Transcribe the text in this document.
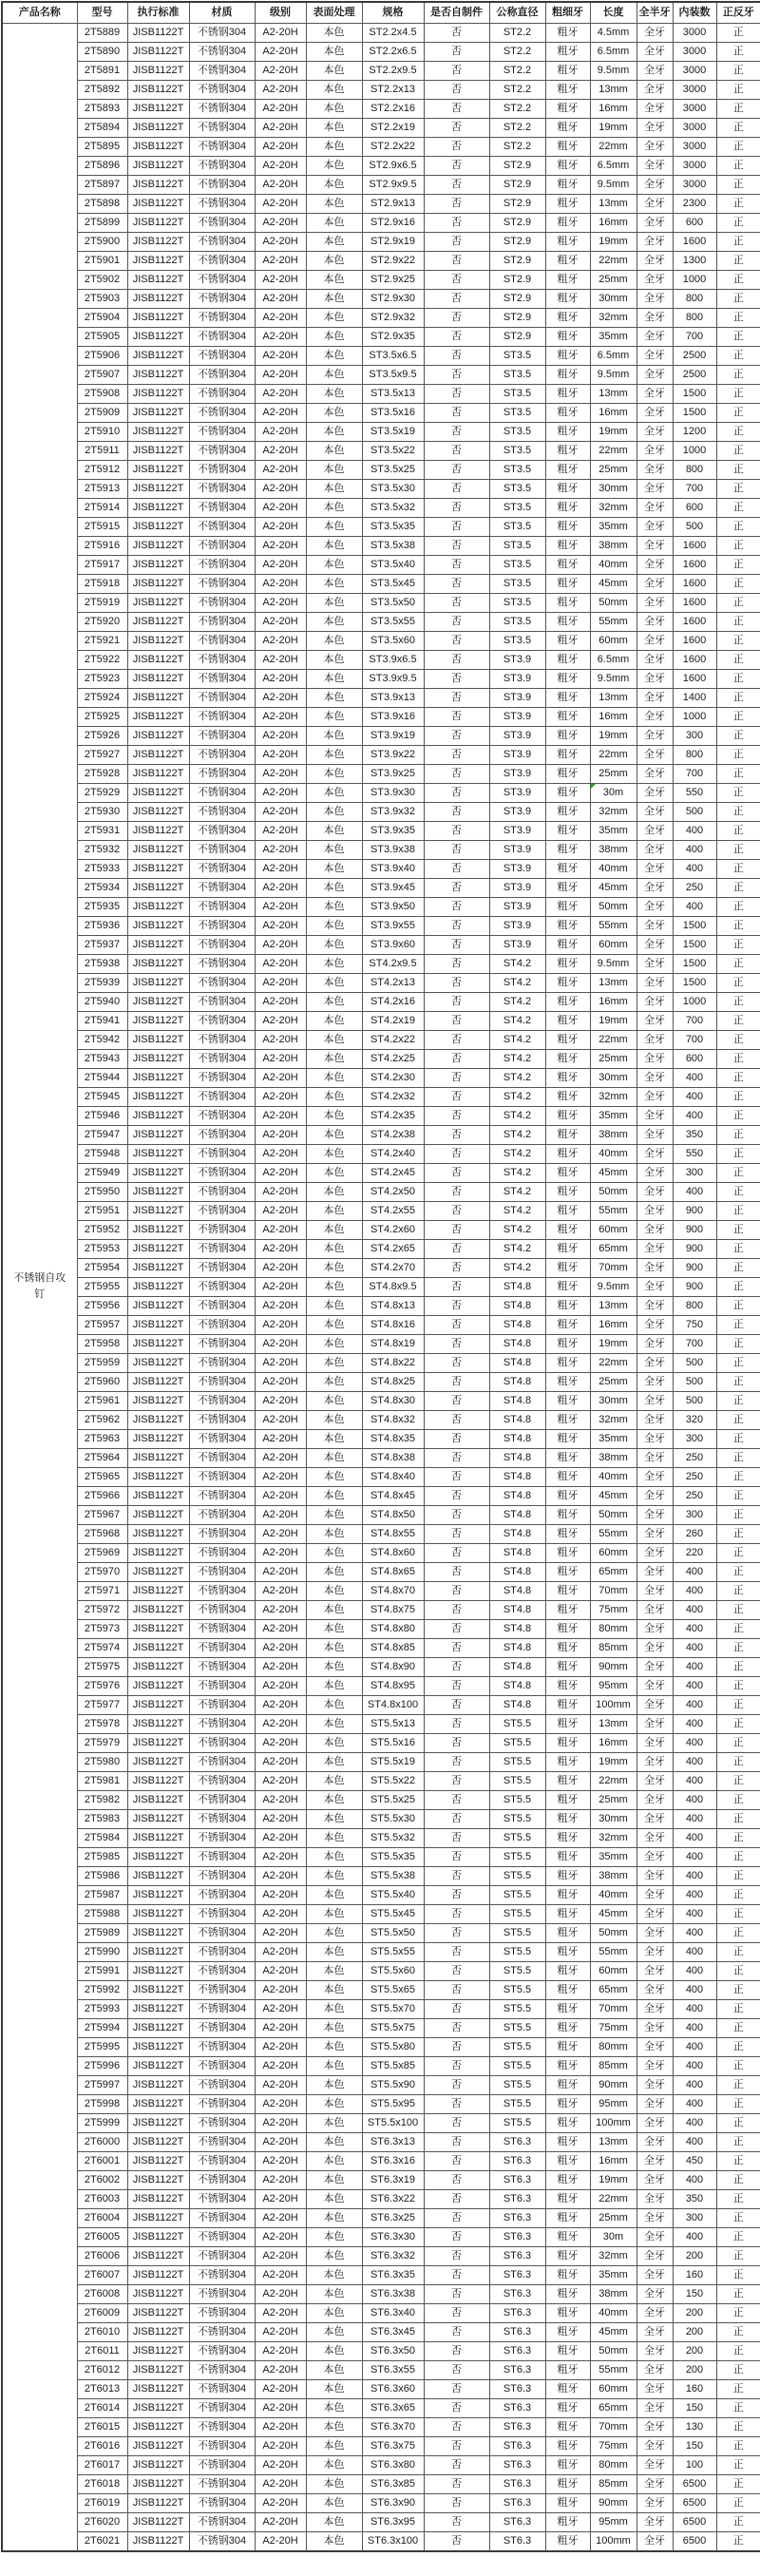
产品名称	型号	执行标准	材质	级别	表面处理	规格	是否自制件	公称直径	粗细牙	长度	全半牙	内装数	正反牙

不锈钢自攻钉	2T5889	JISB1122T	不锈钢304	A2-20H	本色	ST2.2x4.5	否	ST2.2	粗牙	4.5mm	全牙	3000	正
	2T5890	JISB1122T	不锈钢304	A2-20H	本色	ST2.2x6.5	否	ST2.2	粗牙	6.5mm	全牙	3000	正
	2T5891	JISB1122T	不锈钢304	A2-20H	本色	ST2.2x9.5	否	ST2.2	粗牙	9.5mm	全牙	3000	正
	2T5892	JISB1122T	不锈钢304	A2-20H	本色	ST2.2x13	否	ST2.2	粗牙	13mm	全牙	3000	正
	2T5893	JISB1122T	不锈钢304	A2-20H	本色	ST2.2x16	否	ST2.2	粗牙	16mm	全牙	3000	正
	2T5894	JISB1122T	不锈钢304	A2-20H	本色	ST2.2x19	否	ST2.2	粗牙	19mm	全牙	3000	正
	2T5895	JISB1122T	不锈钢304	A2-20H	本色	ST2.2x22	否	ST2.2	粗牙	22mm	全牙	3000	正
	2T5896	JISB1122T	不锈钢304	A2-20H	本色	ST2.9x6.5	否	ST2.9	粗牙	6.5mm	全牙	3000	正
	2T5897	JISB1122T	不锈钢304	A2-20H	本色	ST2.9x9.5	否	ST2.9	粗牙	9.5mm	全牙	3000	正
	2T5898	JISB1122T	不锈钢304	A2-20H	本色	ST2.9x13	否	ST2.9	粗牙	13mm	全牙	2300	正
	2T5899	JISB1122T	不锈钢304	A2-20H	本色	ST2.9x16	否	ST2.9	粗牙	16mm	全牙	600	正
	2T5900	JISB1122T	不锈钢304	A2-20H	本色	ST2.9x19	否	ST2.9	粗牙	19mm	全牙	1600	正
	2T5901	JISB1122T	不锈钢304	A2-20H	本色	ST2.9x22	否	ST2.9	粗牙	22mm	全牙	1300	正
	2T5902	JISB1122T	不锈钢304	A2-20H	本色	ST2.9x25	否	ST2.9	粗牙	25mm	全牙	1000	正
	2T5903	JISB1122T	不锈钢304	A2-20H	本色	ST2.9x30	否	ST2.9	粗牙	30mm	全牙	800	正
	2T5904	JISB1122T	不锈钢304	A2-20H	本色	ST2.9x32	否	ST2.9	粗牙	32mm	全牙	800	正
	2T5905	JISB1122T	不锈钢304	A2-20H	本色	ST2.9x35	否	ST2.9	粗牙	35mm	全牙	700	正
	2T5906	JISB1122T	不锈钢304	A2-20H	本色	ST3.5x6.5	否	ST3.5	粗牙	6.5mm	全牙	2500	正
	2T5907	JISB1122T	不锈钢304	A2-20H	本色	ST3.5x9.5	否	ST3.5	粗牙	9.5mm	全牙	2500	正
	2T5908	JISB1122T	不锈钢304	A2-20H	本色	ST3.5x13	否	ST3.5	粗牙	13mm	全牙	1500	正
	2T5909	JISB1122T	不锈钢304	A2-20H	本色	ST3.5x16	否	ST3.5	粗牙	16mm	全牙	1500	正
	2T5910	JISB1122T	不锈钢304	A2-20H	本色	ST3.5x19	否	ST3.5	粗牙	19mm	全牙	1200	正
	2T5911	JISB1122T	不锈钢304	A2-20H	本色	ST3.5x22	否	ST3.5	粗牙	22mm	全牙	1000	正
	2T5912	JISB1122T	不锈钢304	A2-20H	本色	ST3.5x25	否	ST3.5	粗牙	25mm	全牙	800	正
	2T5913	JISB1122T	不锈钢304	A2-20H	本色	ST3.5x30	否	ST3.5	粗牙	30mm	全牙	700	正
	2T5914	JISB1122T	不锈钢304	A2-20H	本色	ST3.5x32	否	ST3.5	粗牙	32mm	全牙	600	正
	2T5915	JISB1122T	不锈钢304	A2-20H	本色	ST3.5x35	否	ST3.5	粗牙	35mm	全牙	500	正
	2T5916	JISB1122T	不锈钢304	A2-20H	本色	ST3.5x38	否	ST3.5	粗牙	38mm	全牙	1600	正
	2T5917	JISB1122T	不锈钢304	A2-20H	本色	ST3.5x40	否	ST3.5	粗牙	40mm	全牙	1600	正
	2T5918	JISB1122T	不锈钢304	A2-20H	本色	ST3.5x45	否	ST3.5	粗牙	45mm	全牙	1600	正
	2T5919	JISB1122T	不锈钢304	A2-20H	本色	ST3.5x50	否	ST3.5	粗牙	50mm	全牙	1600	正
	2T5920	JISB1122T	不锈钢304	A2-20H	本色	ST3.5x55	否	ST3.5	粗牙	55mm	全牙	1600	正
	2T5921	JISB1122T	不锈钢304	A2-20H	本色	ST3.5x60	否	ST3.5	粗牙	60mm	全牙	1600	正
	2T5922	JISB1122T	不锈钢304	A2-20H	本色	ST3.9x6.5	否	ST3.9	粗牙	6.5mm	全牙	1600	正
	2T5923	JISB1122T	不锈钢304	A2-20H	本色	ST3.9x9.5	否	ST3.9	粗牙	9.5mm	全牙	1600	正
	2T5924	JISB1122T	不锈钢304	A2-20H	本色	ST3.9x13	否	ST3.9	粗牙	13mm	全牙	1400	正
	2T5925	JISB1122T	不锈钢304	A2-20H	本色	ST3.9x16	否	ST3.9	粗牙	16mm	全牙	1000	正
	2T5926	JISB1122T	不锈钢304	A2-20H	本色	ST3.9x19	否	ST3.9	粗牙	19mm	全牙	300	正
	2T5927	JISB1122T	不锈钢304	A2-20H	本色	ST3.9x22	否	ST3.9	粗牙	22mm	全牙	800	正
	2T5928	JISB1122T	不锈钢304	A2-20H	本色	ST3.9x25	否	ST3.9	粗牙	25mm	全牙	700	正
	2T5929	JISB1122T	不锈钢304	A2-20H	本色	ST3.9x30	否	ST3.9	粗牙	30m	全牙	550	正
	2T5930	JISB1122T	不锈钢304	A2-20H	本色	ST3.9x32	否	ST3.9	粗牙	32mm	全牙	500	正
	2T5931	JISB1122T	不锈钢304	A2-20H	本色	ST3.9x35	否	ST3.9	粗牙	35mm	全牙	400	正
	2T5932	JISB1122T	不锈钢304	A2-20H	本色	ST3.9x38	否	ST3.9	粗牙	38mm	全牙	400	正
	2T5933	JISB1122T	不锈钢304	A2-20H	本色	ST3.9x40	否	ST3.9	粗牙	40mm	全牙	400	正
	2T5934	JISB1122T	不锈钢304	A2-20H	本色	ST3.9x45	否	ST3.9	粗牙	45mm	全牙	250	正
	2T5935	JISB1122T	不锈钢304	A2-20H	本色	ST3.9x50	否	ST3.9	粗牙	50mm	全牙	400	正
	2T5936	JISB1122T	不锈钢304	A2-20H	本色	ST3.9x55	否	ST3.9	粗牙	55mm	全牙	1500	正
	2T5937	JISB1122T	不锈钢304	A2-20H	本色	ST3.9x60	否	ST3.9	粗牙	60mm	全牙	1500	正
	2T5938	JISB1122T	不锈钢304	A2-20H	本色	ST4.2x9.5	否	ST4.2	粗牙	9.5mm	全牙	1500	正
	2T5939	JISB1122T	不锈钢304	A2-20H	本色	ST4.2x13	否	ST4.2	粗牙	13mm	全牙	1500	正
	2T5940	JISB1122T	不锈钢304	A2-20H	本色	ST4.2x16	否	ST4.2	粗牙	16mm	全牙	1000	正
	2T5941	JISB1122T	不锈钢304	A2-20H	本色	ST4.2x19	否	ST4.2	粗牙	19mm	全牙	700	正
	2T5942	JISB1122T	不锈钢304	A2-20H	本色	ST4.2x22	否	ST4.2	粗牙	22mm	全牙	700	正
	2T5943	JISB1122T	不锈钢304	A2-20H	本色	ST4.2x25	否	ST4.2	粗牙	25mm	全牙	600	正
	2T5944	JISB1122T	不锈钢304	A2-20H	本色	ST4.2x30	否	ST4.2	粗牙	30mm	全牙	400	正
	2T5945	JISB1122T	不锈钢304	A2-20H	本色	ST4.2x32	否	ST4.2	粗牙	32mm	全牙	400	正
	2T5946	JISB1122T	不锈钢304	A2-20H	本色	ST4.2x35	否	ST4.2	粗牙	35mm	全牙	400	正
	2T5947	JISB1122T	不锈钢304	A2-20H	本色	ST4.2x38	否	ST4.2	粗牙	38mm	全牙	350	正
	2T5948	JISB1122T	不锈钢304	A2-20H	本色	ST4.2x40	否	ST4.2	粗牙	40mm	全牙	550	正
	2T5949	JISB1122T	不锈钢304	A2-20H	本色	ST4.2x45	否	ST4.2	粗牙	45mm	全牙	300	正
	2T5950	JISB1122T	不锈钢304	A2-20H	本色	ST4.2x50	否	ST4.2	粗牙	50mm	全牙	400	正
	2T5951	JISB1122T	不锈钢304	A2-20H	本色	ST4.2x55	否	ST4.2	粗牙	55mm	全牙	900	正
	2T5952	JISB1122T	不锈钢304	A2-20H	本色	ST4.2x60	否	ST4.2	粗牙	60mm	全牙	900	正
	2T5953	JISB1122T	不锈钢304	A2-20H	本色	ST4.2x65	否	ST4.2	粗牙	65mm	全牙	900	正
	2T5954	JISB1122T	不锈钢304	A2-20H	本色	ST4.2x70	否	ST4.2	粗牙	70mm	全牙	900	正
	2T5955	JISB1122T	不锈钢304	A2-20H	本色	ST4.8x9.5	否	ST4.8	粗牙	9.5mm	全牙	900	正
	2T5956	JISB1122T	不锈钢304	A2-20H	本色	ST4.8x13	否	ST4.8	粗牙	13mm	全牙	800	正
	2T5957	JISB1122T	不锈钢304	A2-20H	本色	ST4.8x16	否	ST4.8	粗牙	16mm	全牙	750	正
	2T5958	JISB1122T	不锈钢304	A2-20H	本色	ST4.8x19	否	ST4.8	粗牙	19mm	全牙	700	正
	2T5959	JISB1122T	不锈钢304	A2-20H	本色	ST4.8x22	否	ST4.8	粗牙	22mm	全牙	500	正
	2T5960	JISB1122T	不锈钢304	A2-20H	本色	ST4.8x25	否	ST4.8	粗牙	25mm	全牙	500	正
	2T5961	JISB1122T	不锈钢304	A2-20H	本色	ST4.8x30	否	ST4.8	粗牙	30mm	全牙	500	正
	2T5962	JISB1122T	不锈钢304	A2-20H	本色	ST4.8x32	否	ST4.8	粗牙	32mm	全牙	320	正
	2T5963	JISB1122T	不锈钢304	A2-20H	本色	ST4.8x35	否	ST4.8	粗牙	35mm	全牙	300	正
	2T5964	JISB1122T	不锈钢304	A2-20H	本色	ST4.8x38	否	ST4.8	粗牙	38mm	全牙	250	正
	2T5965	JISB1122T	不锈钢304	A2-20H	本色	ST4.8x40	否	ST4.8	粗牙	40mm	全牙	250	正
	2T5966	JISB1122T	不锈钢304	A2-20H	本色	ST4.8x45	否	ST4.8	粗牙	45mm	全牙	250	正
	2T5967	JISB1122T	不锈钢304	A2-20H	本色	ST4.8x50	否	ST4.8	粗牙	50mm	全牙	300	正
	2T5968	JISB1122T	不锈钢304	A2-20H	本色	ST4.8x55	否	ST4.8	粗牙	55mm	全牙	260	正
	2T5969	JISB1122T	不锈钢304	A2-20H	本色	ST4.8x60	否	ST4.8	粗牙	60mm	全牙	220	正
	2T5970	JISB1122T	不锈钢304	A2-20H	本色	ST4.8x65	否	ST4.8	粗牙	65mm	全牙	400	正
	2T5971	JISB1122T	不锈钢304	A2-20H	本色	ST4.8x70	否	ST4.8	粗牙	70mm	全牙	400	正
	2T5972	JISB1122T	不锈钢304	A2-20H	本色	ST4.8x75	否	ST4.8	粗牙	75mm	全牙	400	正
	2T5973	JISB1122T	不锈钢304	A2-20H	本色	ST4.8x80	否	ST4.8	粗牙	80mm	全牙	400	正
	2T5974	JISB1122T	不锈钢304	A2-20H	本色	ST4.8x85	否	ST4.8	粗牙	85mm	全牙	400	正
	2T5975	JISB1122T	不锈钢304	A2-20H	本色	ST4.8x90	否	ST4.8	粗牙	90mm	全牙	400	正
	2T5976	JISB1122T	不锈钢304	A2-20H	本色	ST4.8x95	否	ST4.8	粗牙	95mm	全牙	400	正
	2T5977	JISB1122T	不锈钢304	A2-20H	本色	ST4.8x100	否	ST4.8	粗牙	100mm	全牙	400	正
	2T5978	JISB1122T	不锈钢304	A2-20H	本色	ST5.5x13	否	ST5.5	粗牙	13mm	全牙	400	正
	2T5979	JISB1122T	不锈钢304	A2-20H	本色	ST5.5x16	否	ST5.5	粗牙	16mm	全牙	400	正
	2T5980	JISB1122T	不锈钢304	A2-20H	本色	ST5.5x19	否	ST5.5	粗牙	19mm	全牙	400	正
	2T5981	JISB1122T	不锈钢304	A2-20H	本色	ST5.5x22	否	ST5.5	粗牙	22mm	全牙	400	正
	2T5982	JISB1122T	不锈钢304	A2-20H	本色	ST5.5x25	否	ST5.5	粗牙	25mm	全牙	400	正
	2T5983	JISB1122T	不锈钢304	A2-20H	本色	ST5.5x30	否	ST5.5	粗牙	30mm	全牙	400	正
	2T5984	JISB1122T	不锈钢304	A2-20H	本色	ST5.5x32	否	ST5.5	粗牙	32mm	全牙	400	正
	2T5985	JISB1122T	不锈钢304	A2-20H	本色	ST5.5x35	否	ST5.5	粗牙	35mm	全牙	400	正
	2T5986	JISB1122T	不锈钢304	A2-20H	本色	ST5.5x38	否	ST5.5	粗牙	38mm	全牙	400	正
	2T5987	JISB1122T	不锈钢304	A2-20H	本色	ST5.5x40	否	ST5.5	粗牙	40mm	全牙	400	正
	2T5988	JISB1122T	不锈钢304	A2-20H	本色	ST5.5x45	否	ST5.5	粗牙	45mm	全牙	400	正
	2T5989	JISB1122T	不锈钢304	A2-20H	本色	ST5.5x50	否	ST5.5	粗牙	50mm	全牙	400	正
	2T5990	JISB1122T	不锈钢304	A2-20H	本色	ST5.5x55	否	ST5.5	粗牙	55mm	全牙	400	正
	2T5991	JISB1122T	不锈钢304	A2-20H	本色	ST5.5x60	否	ST5.5	粗牙	60mm	全牙	400	正
	2T5992	JISB1122T	不锈钢304	A2-20H	本色	ST5.5x65	否	ST5.5	粗牙	65mm	全牙	400	正
	2T5993	JISB1122T	不锈钢304	A2-20H	本色	ST5.5x70	否	ST5.5	粗牙	70mm	全牙	400	正
	2T5994	JISB1122T	不锈钢304	A2-20H	本色	ST5.5x75	否	ST5.5	粗牙	75mm	全牙	400	正
	2T5995	JISB1122T	不锈钢304	A2-20H	本色	ST5.5x80	否	ST5.5	粗牙	80mm	全牙	400	正
	2T5996	JISB1122T	不锈钢304	A2-20H	本色	ST5.5x85	否	ST5.5	粗牙	85mm	全牙	400	正
	2T5997	JISB1122T	不锈钢304	A2-20H	本色	ST5.5x90	否	ST5.5	粗牙	90mm	全牙	400	正
	2T5998	JISB1122T	不锈钢304	A2-20H	本色	ST5.5x95	否	ST5.5	粗牙	95mm	全牙	400	正
	2T5999	JISB1122T	不锈钢304	A2-20H	本色	ST5.5x100	否	ST5.5	粗牙	100mm	全牙	400	正
	2T6000	JISB1122T	不锈钢304	A2-20H	本色	ST6.3x13	否	ST6.3	粗牙	13mm	全牙	400	正
	2T6001	JISB1122T	不锈钢304	A2-20H	本色	ST6.3x16	否	ST6.3	粗牙	16mm	全牙	450	正
	2T6002	JISB1122T	不锈钢304	A2-20H	本色	ST6.3x19	否	ST6.3	粗牙	19mm	全牙	400	正
	2T6003	JISB1122T	不锈钢304	A2-20H	本色	ST6.3x22	否	ST6.3	粗牙	22mm	全牙	350	正
	2T6004	JISB1122T	不锈钢304	A2-20H	本色	ST6.3x25	否	ST6.3	粗牙	25mm	全牙	300	正
	2T6005	JISB1122T	不锈钢304	A2-20H	本色	ST6.3x30	否	ST6.3	粗牙	30m	全牙	400	正
	2T6006	JISB1122T	不锈钢304	A2-20H	本色	ST6.3x32	否	ST6.3	粗牙	32mm	全牙	200	正
	2T6007	JISB1122T	不锈钢304	A2-20H	本色	ST6.3x35	否	ST6.3	粗牙	35mm	全牙	160	正
	2T6008	JISB1122T	不锈钢304	A2-20H	本色	ST6.3x38	否	ST6.3	粗牙	38mm	全牙	150	正
	2T6009	JISB1122T	不锈钢304	A2-20H	本色	ST6.3x40	否	ST6.3	粗牙	40mm	全牙	200	正
	2T6010	JISB1122T	不锈钢304	A2-20H	本色	ST6.3x45	否	ST6.3	粗牙	45mm	全牙	200	正
	2T6011	JISB1122T	不锈钢304	A2-20H	本色	ST6.3x50	否	ST6.3	粗牙	50mm	全牙	200	正
	2T6012	JISB1122T	不锈钢304	A2-20H	本色	ST6.3x55	否	ST6.3	粗牙	55mm	全牙	200	正
	2T6013	JISB1122T	不锈钢304	A2-20H	本色	ST6.3x60	否	ST6.3	粗牙	60mm	全牙	160	正
	2T6014	JISB1122T	不锈钢304	A2-20H	本色	ST6.3x65	否	ST6.3	粗牙	65mm	全牙	150	正
	2T6015	JISB1122T	不锈钢304	A2-20H	本色	ST6.3x70	否	ST6.3	粗牙	70mm	全牙	130	正
	2T6016	JISB1122T	不锈钢304	A2-20H	本色	ST6.3x75	否	ST6.3	粗牙	75mm	全牙	150	正
	2T6017	JISB1122T	不锈钢304	A2-20H	本色	ST6.3x80	否	ST6.3	粗牙	80mm	全牙	100	正
	2T6018	JISB1122T	不锈钢304	A2-20H	本色	ST6.3x85	否	ST6.3	粗牙	85mm	全牙	6500	正
	2T6019	JISB1122T	不锈钢304	A2-20H	本色	ST6.3x90	否	ST6.3	粗牙	90mm	全牙	6500	正
	2T6020	JISB1122T	不锈钢304	A2-20H	本色	ST6.3x95	否	ST6.3	粗牙	95mm	全牙	6500	正
	2T6021	JISB1122T	不锈钢304	A2-20H	本色	ST6.3x100	否	ST6.3	粗牙	100mm	全牙	6500	正
